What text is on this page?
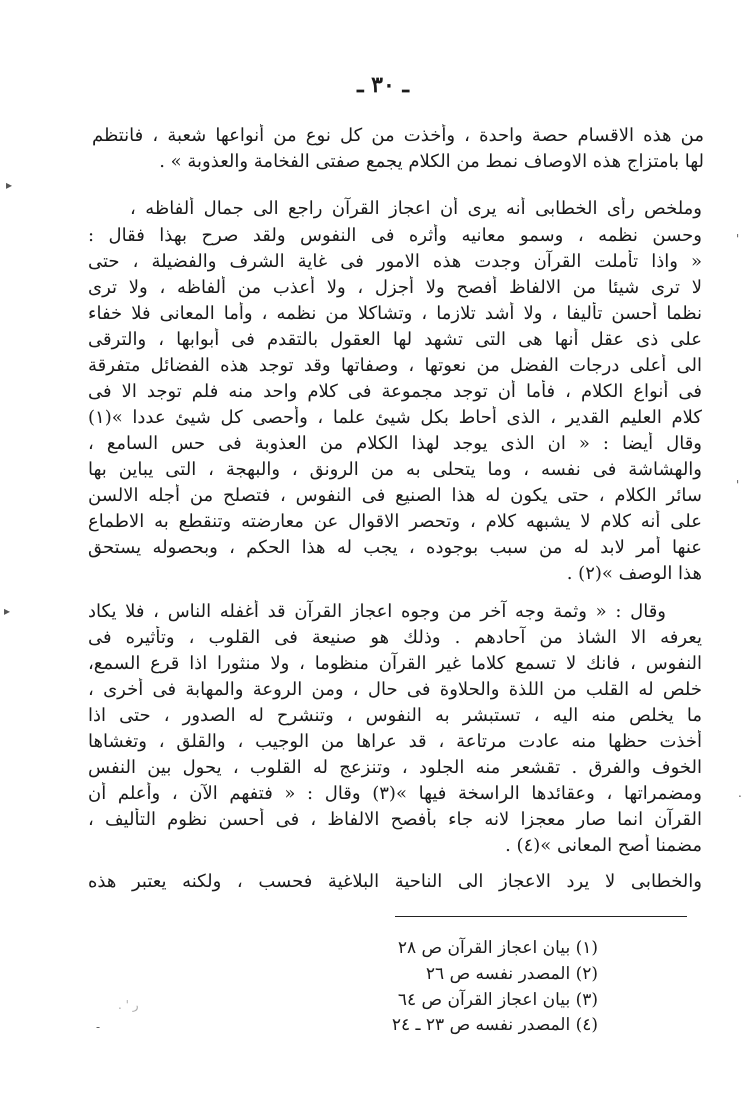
ـ ٣٠ ـ
من هذه الاقسام حصة واحدة ، وأخذت من كل نوع من أنواعها شعبة ، فانتظم
لها بامتزاج هذه الاوصاف نمط من الكلام يجمع صفتى الفخامة والعذوبة » .
وملخص رأى الخطابى أنه يرى أن اعجاز القرآن راجع الى جمال ألفاظه ،
وحسن نظمه ، وسمو معانيه وأثره فى النفوس ولقد صرح بهذا فقال :
« واذا تأملت القرآن وجدت هذه الامور فى غاية الشرف والفضيلة ، حتى
لا ترى شيئا من الالفاظ أفصح ولا أجزل ، ولا أعذب من ألفاظه ، ولا ترى
نظما أحسن تأليفا ، ولا أشد تلازما ، وتشاكلا من نظمه ، وأما المعانى فلا خفاء
على ذى عقل أنها هى التى تشهد لها العقول بالتقدم فى أبوابها ، والترقى
الى أعلى درجات الفضل من نعوتها ، وصفاتها وقد توجد هذه الفضائل متفرقة
فى أنواع الكلام ، فأما أن توجد مجموعة فى كلام واحد منه فلم توجد الا فى
كلام العليم القدير ، الذى أحاط بكل شيئ علما ، وأحصى كل شيئ عددا »(١)
وقال أيضا : « ان الذى يوجد لهذا الكلام من العذوبة فى حس السامع ،
والهشاشة فى نفسه ، وما يتحلى به من الرونق ، والبهجة ، التى يباين بها
سائر الكلام ، حتى يكون له هذا الصنيع فى النفوس ، فتصلح من أجله الالسن
على أنه كلام لا يشبهه كلام ، وتحصر الاقوال عن معارضته وتنقطع به الاطماع
عنها أمر لابد له من سبب بوجوده ، يجب له هذا الحكم ، وبحصوله يستحق
هذا الوصف »(٢) .
وقال : « وثمة وجه آخر من وجوه اعجاز القرآن قد أغفله الناس ، فلا يكاد
يعرفه الا الشاذ من آحادهم . وذلك هو صنيعة فى القلوب ، وتأثيره فى
النفوس ، فانك لا تسمع كلاما غير القرآن منظوما ، ولا منثورا اذا قرع السمع،
خلص له القلب من اللذة والحلاوة فى حال ، ومن الروعة والمهابة فى أخرى ،
ما يخلص منه اليه ، تستبشر به النفوس ، وتنشرح له الصدور ، حتى اذا
أخذت حظها منه عادت مرتاعة ، قد عراها من الوجيب ، والقلق ، وتغشاها
الخوف والفرق . تقشعر منه الجلود ، وتنزعج له القلوب ، يحول بين النفس
ومضمراتها ، وعقائدها الراسخة فيها »(٣) وقال : « فتفهم الآن ، وأعلم أن
القرآن انما صار معجزا لانه جاء بأفصح الالفاظ ، فى أحسن نظوم التأليف ،
مضمنا أصح المعانى »(٤) .
والخطابى لا يرد الاعجاز الى الناحية البلاغية فحسب ، ولكنه يعتبر هذه
(١) بيان اعجاز القرآن ص ٢٨
(٢) المصدر نفسه ص ٢٦
(٣) بيان اعجاز القرآن ص ٦٤
(٤) المصدر نفسه ص ٢٣ ـ ٢٤
▸
'
'
▸
.
-
. ' ﺭ
